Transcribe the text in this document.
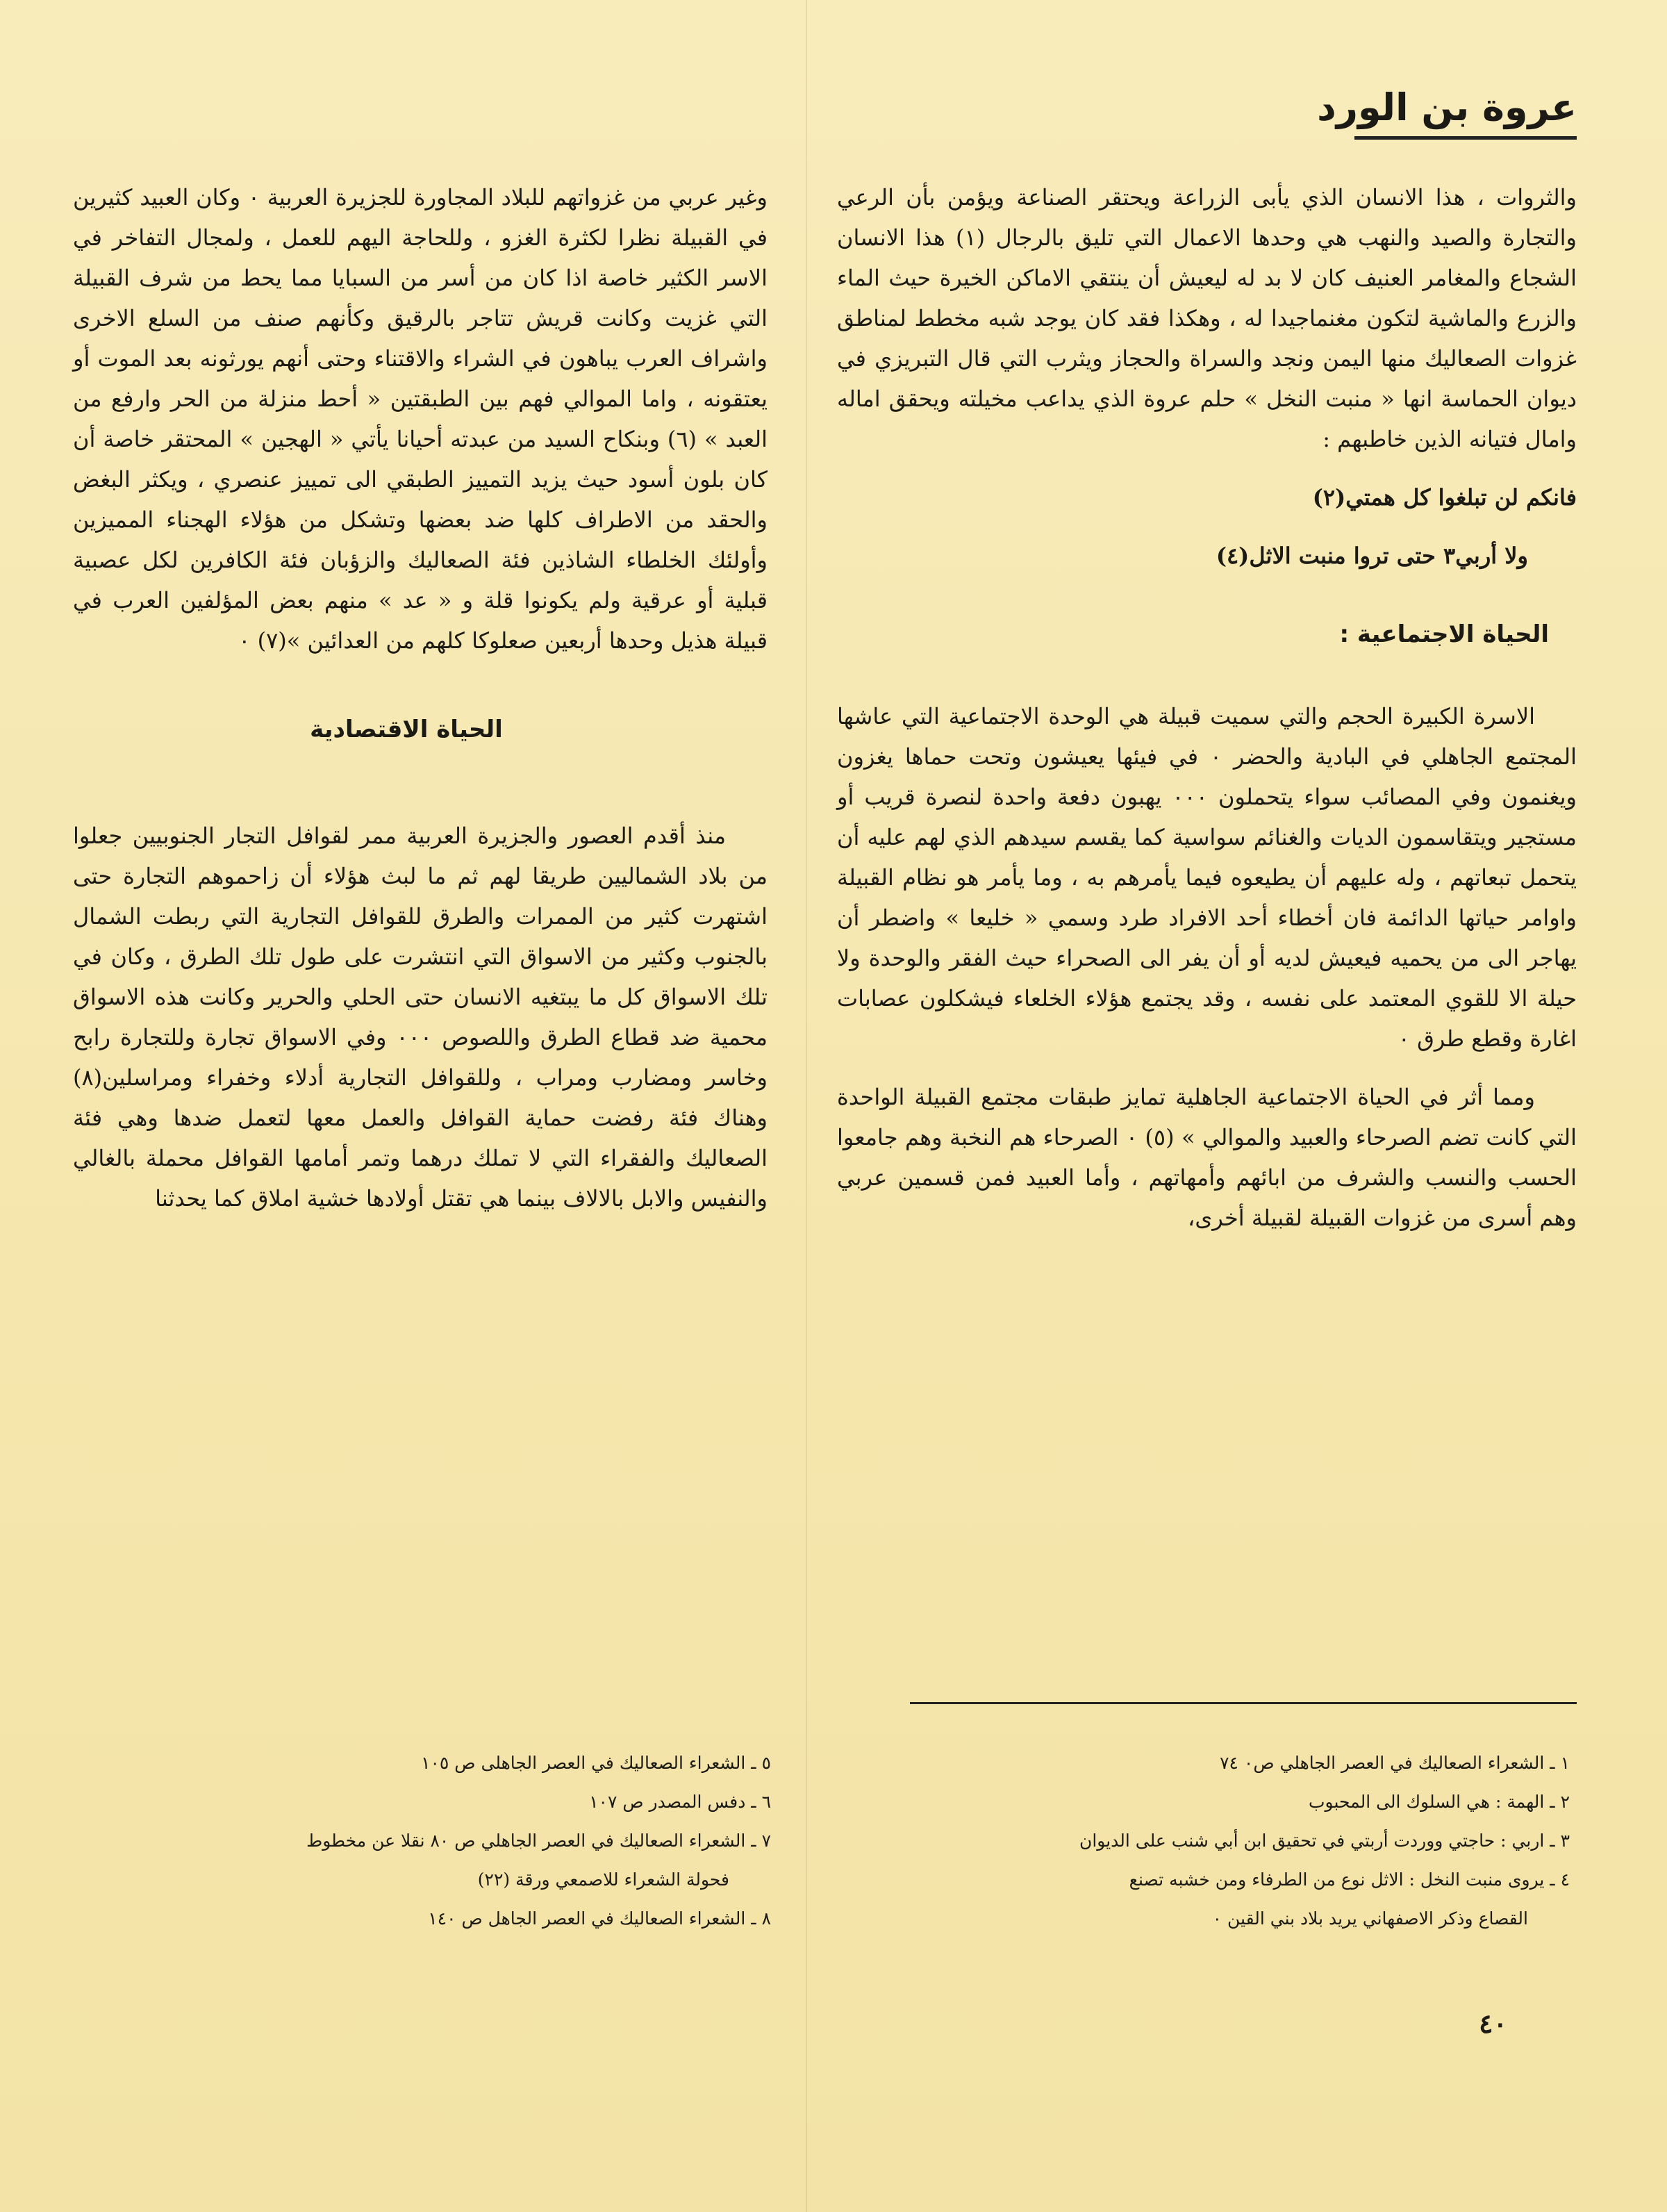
عروة بن الورد

والثروات ، هذا الانسان الذي يأبى الزراعة ويحتقر الصناعة ويؤمن بأن الرعي والتجارة والصيد والنهب هي وحدها الاعمال التي تليق بالرجال (١) هذا الانسان الشجاع والمغامر العنيف كان لا بد له ليعيش أن ينتقي الاماكن الخيرة حيث الماء والزرع والماشية لتكون مغنماجيدا له ، وهكذا فقد كان يوجد شبه مخطط لمناطق غزوات الصعاليك منها اليمن ونجد والسراة والحجاز ويثرب التي قال التبريزي في ديوان الحماسة انها « منبت النخل » حلم عروة الذي يداعب مخيلته ويحقق اماله وامال فتيانه الذين خاطبهم :

فانكم لن تبلغوا كل همتي(٢)

ولا أربي٣ حتى تروا منبت الاثل(٤)

الحياة الاجتماعية :

الاسرة الكبيرة الحجم والتي سميت قبيلة هي الوحدة الاجتماعية التي عاشها المجتمع الجاهلي في البادية والحضر ٠ في فيئها يعيشون وتحت حماها يغزون ويغنمون وفي المصائب سواء يتحملون ٠٠٠ يهبون دفعة واحدة لنصرة قريب أو مستجير ويتقاسمون الديات والغنائم سواسية كما يقسم سيدهم الذي لهم عليه أن يتحمل تبعاتهم ، وله عليهم أن يطيعوه فيما يأمرهم به ، وما يأمر هو نظام القبيلة واوامر حياتها الدائمة فان أخطاء أحد الافراد طرد وسمي « خليعا » واضطر أن يهاجر الى من يحميه فيعيش لديه أو أن يفر الى الصحراء حيث الفقر والوحدة ولا حيلة الا للقوي المعتمد على نفسه ، وقد يجتمع هؤلاء الخلعاء فيشكلون عصابات اغارة وقطع طرق ٠

ومما أثر في الحياة الاجتماعية الجاهلية تمايز طبقات مجتمع القبيلة الواحدة التي كانت تضم الصرحاء والعبيد والموالي » (٥) ٠ الصرحاء هم النخبة وهم جامعوا الحسب والنسب والشرف من ابائهم وأمهاتهم ، وأما العبيد فمن قسمين عربي وهم أسرى من غزوات القبيلة لقبيلة أخرى،

وغير عربي من غزواتهم للبلاد المجاورة للجزيرة العربية ٠ وكان العبيد كثيرين في القبيلة نظرا لكثرة الغزو ، وللحاجة اليهم للعمل ، ولمجال التفاخر في الاسر الكثير خاصة اذا كان من أسر من السبايا مما يحط من شرف القبيلة التي غزيت وكانت قريش تتاجر بالرقيق وكأنهم صنف من السلع الاخرى واشراف العرب يباهون في الشراء والاقتناء وحتى أنهم يورثونه بعد الموت أو يعتقونه ، واما الموالي فهم بين الطبقتين « أحط منزلة من الحر وارفع من العبد » (٦) وبنكاح السيد من عبدته أحيانا يأتي « الهجين » المحتقر خاصة أن كان بلون أسود حيث يزيد التمييز الطبقي الى تمييز عنصري ، ويكثر البغض والحقد من الاطراف كلها ضد بعضها وتشكل من هؤلاء الهجناء المميزين وأولئك الخلطاء الشاذين فئة الصعاليك والزؤبان فئة الكافرين لكل عصبية قبلية أو عرقية ولم يكونوا قلة و « عد » منهم بعض المؤلفين العرب في قبيلة هذيل وحدها أربعين صعلوكا كلهم من العدائين »(٧) ٠

الحياة الاقتصادية

منذ أقدم العصور والجزيرة العربية ممر لقوافل التجار الجنوبيين جعلوا من بلاد الشماليين طريقا لهم ثم ما لبث هؤلاء أن زاحموهم التجارة حتى اشتهرت كثير من الممرات والطرق للقوافل التجارية التي ربطت الشمال بالجنوب وكثير من الاسواق التي انتشرت على طول تلك الطرق ، وكان في تلك الاسواق كل ما يبتغيه الانسان حتى الحلي والحرير وكانت هذه الاسواق محمية ضد قطاع الطرق واللصوص ٠٠٠ وفي الاسواق تجارة وللتجارة رابح وخاسر ومضارب ومراب ، وللقوافل التجارية أدلاء وخفراء ومراسلين(٨) وهناك فئة رفضت حماية القوافل والعمل معها لتعمل ضدها وهي فئة الصعاليك والفقراء التي لا تملك درهما وتمر أمامها القوافل محملة بالغالي والنفيس والابل بالالاف بينما هي تقتل أولادها خشية املاق كما يحدثنا

١ ـ الشعراء الصعاليك في العصر الجاهلي ص٠ ٧٤
٢ ـ الهمة : هي السلوك الى المحبوب
٣ ـ اربي : حاجتي ووردت أربتي في تحقيق ابن أبي شنب على الديوان
٤ ـ يروى منبت النخل : الاثل نوع من الطرفاء ومن خشبه تصنع
القصاع وذكر الاصفهاني يريد بلاد بني القين ٠
٥ ـ الشعراء الصعاليك في العصر الجاهلى ص ١٠٥
٦ ـ دفس المصدر ص ١٠٧
٧ ـ الشعراء الصعاليك في العصر الجاهلي ص ٨٠ نقلا عن مخطوط
فحولة الشعراء للاصمعي ورقة (٢٢)
٨ ـ الشعراء الصعاليك في العصر الجاهل ص ١٤٠
٤٠
